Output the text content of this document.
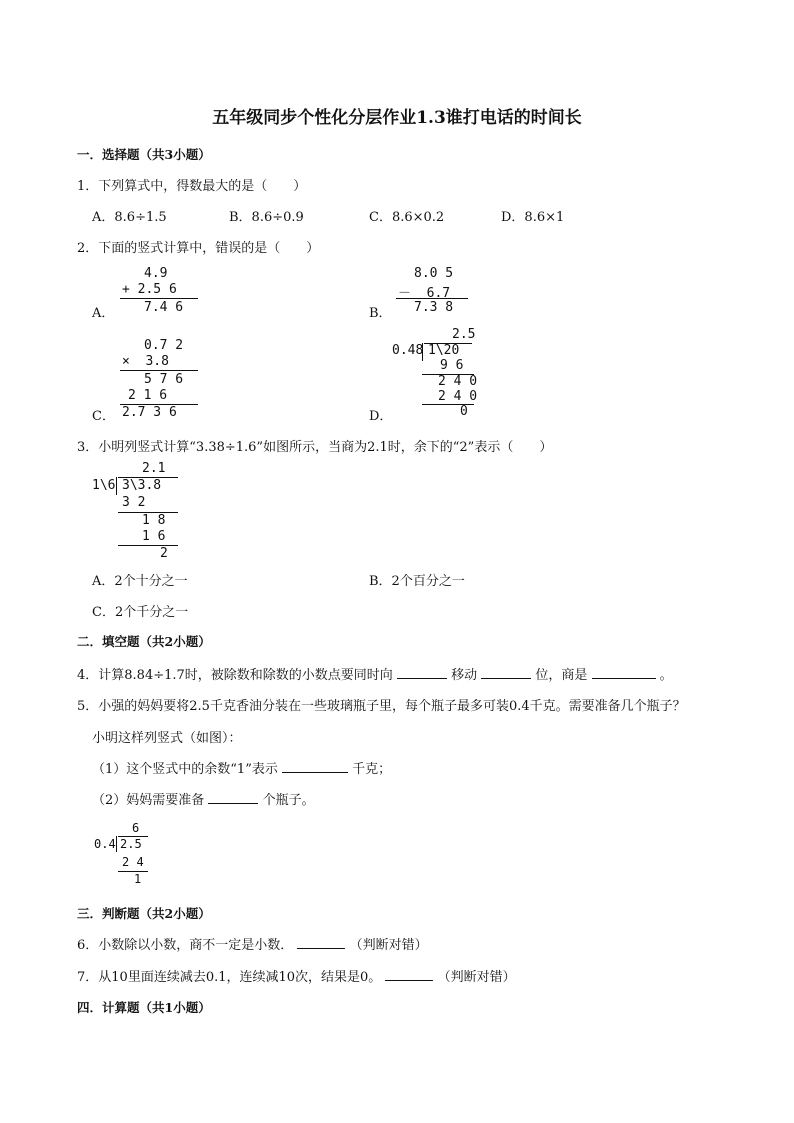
五年级同步个性化分层作业1.3谁打电话的时间长
一．选择题（共3小题）
1．下列算式中，得数最大的是（　　）
A．8.6÷1.5	B．8.6÷0.9	C．8.6×0.2	D．8.6×1
2．下面的竖式计算中，错误的是（　　）
A．
4.9
+ 2.5 6
7.4 6	B．
8.0 5
－  6.7
7.3 8
C．
0.7 2
×  3.8
5 7 6
2 1 6
2.7 3 6	D．
2.5
0.48 1\20
9 6
2 4 0
2 4 0
0
3．小明列竖式计算“3.38÷1.6”如图所示，当商为2.1时，余下的“2”表示（　　）
2.1
1\6 3\3.8
3 2
1 8
1 6
2
A．2个十分之一	B．2个百分之一
C．2个千分之一
二．填空题（共2小题）
4．计算8.84÷1.7时，被除数和除数的小数点要同时向	移动	位，商是	。
5．小强的妈妈要将2.5千克香油分装在一些玻璃瓶子里，每个瓶子最多可装0.4千克。需要准备几个瓶子？
小明这样列竖式（如图）：
（1）这个竖式中的余数“1”表示	千克；
（2）妈妈需要准备	个瓶子。
6
0.4 2.5
2 4
1
三．判断题（共2小题）
6．小数除以小数，商不一定是小数．	（判断对错）
7．从10里面连续减去0.1，连续减10次，结果是0。	（判断对错）
四．计算题（共1小题）
